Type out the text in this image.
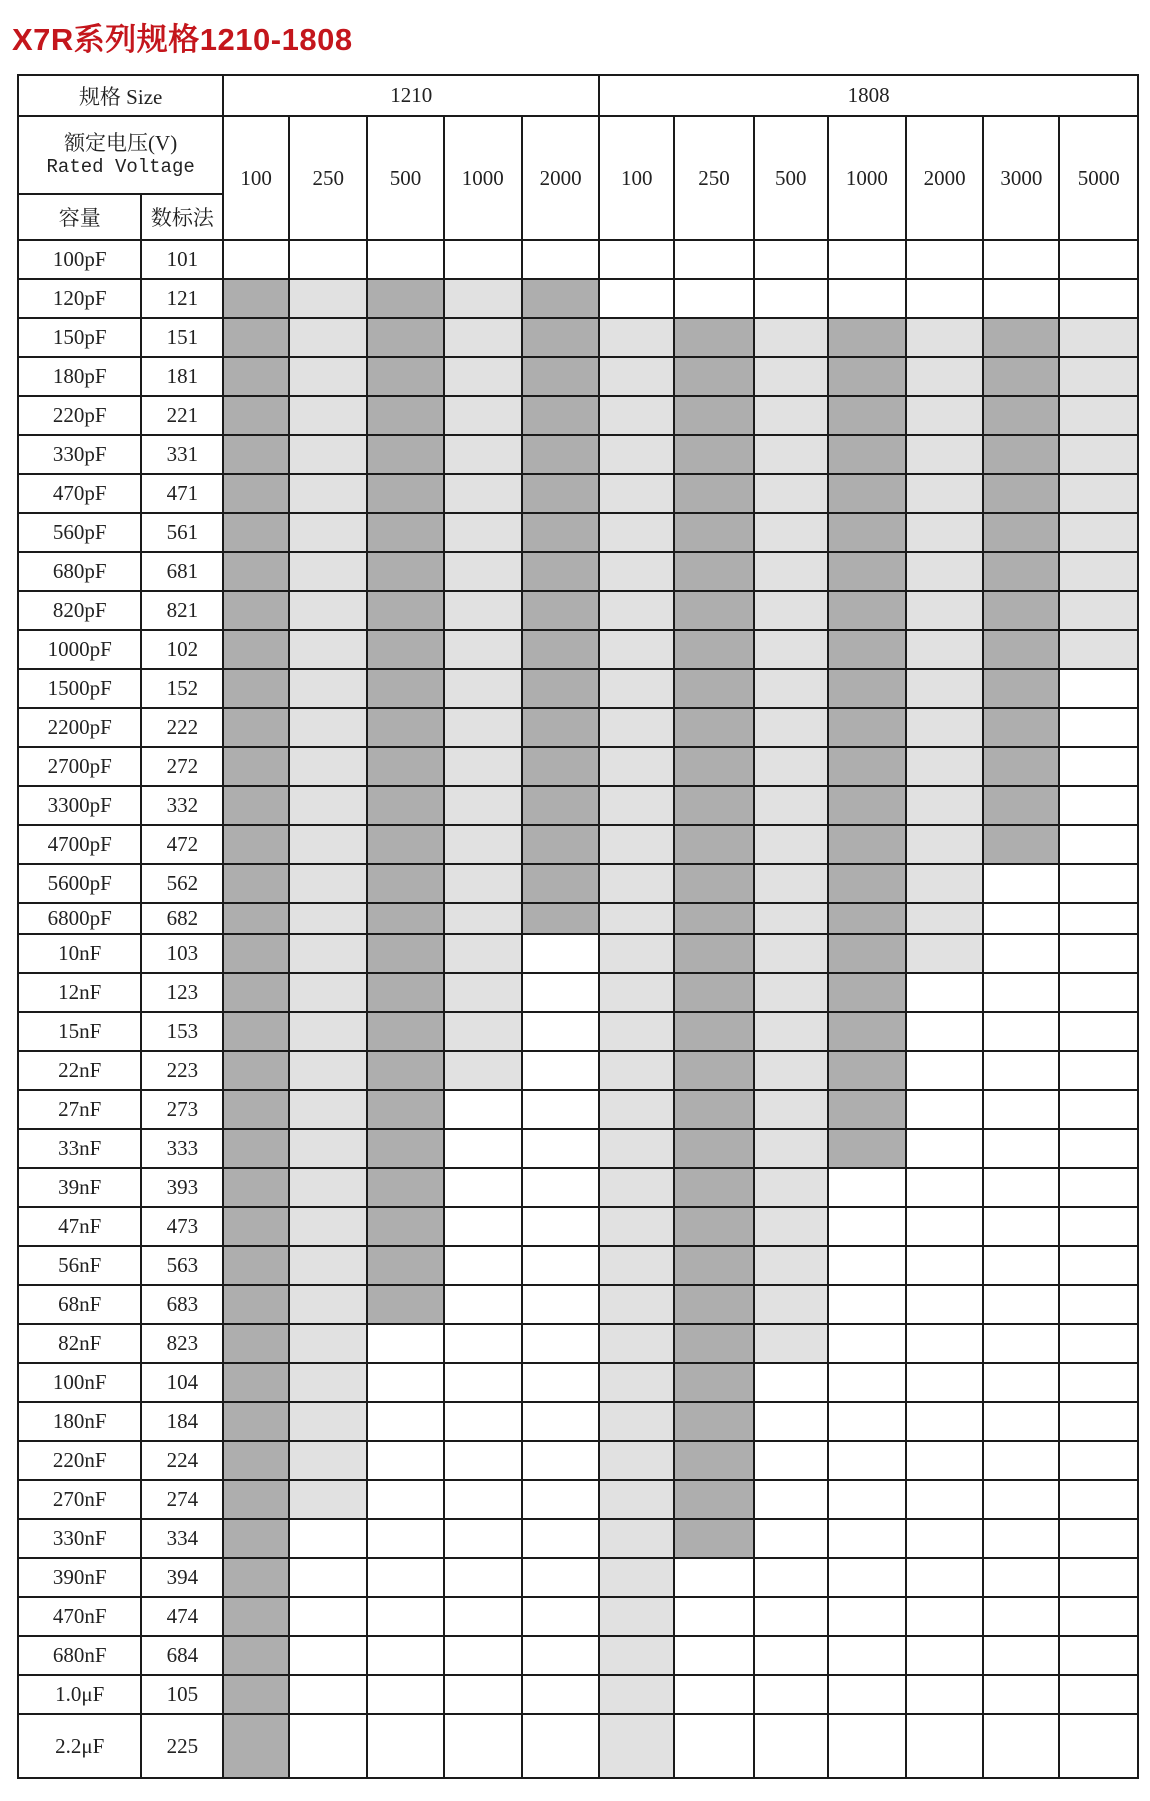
X7R系列规格1210-1808
规格 Size		1210					1808						

额定电压(V)
Rated Voltage		100	250	500	1000	2000	100	250	500	1000	2000	3000	5000
容量	数标法												
100pF	101												
120pF	121												
150pF	151												
180pF	181												
220pF	221												
330pF	331												
470pF	471												
560pF	561												
680pF	681												
820pF	821												
1000pF	102												
1500pF	152												
2200pF	222												
2700pF	272												
3300pF	332												
4700pF	472												
5600pF	562												
6800pF	682												
10nF	103												
12nF	123												
15nF	153												
22nF	223												
27nF	273												
33nF	333												
39nF	393												
47nF	473												
56nF	563												
68nF	683												
82nF	823												
100nF	104												
180nF	184												
220nF	224												
270nF	274												
330nF	334												
390nF	394												
470nF	474												
680nF	684												
1.0μF	105												
2.2μF	225												
